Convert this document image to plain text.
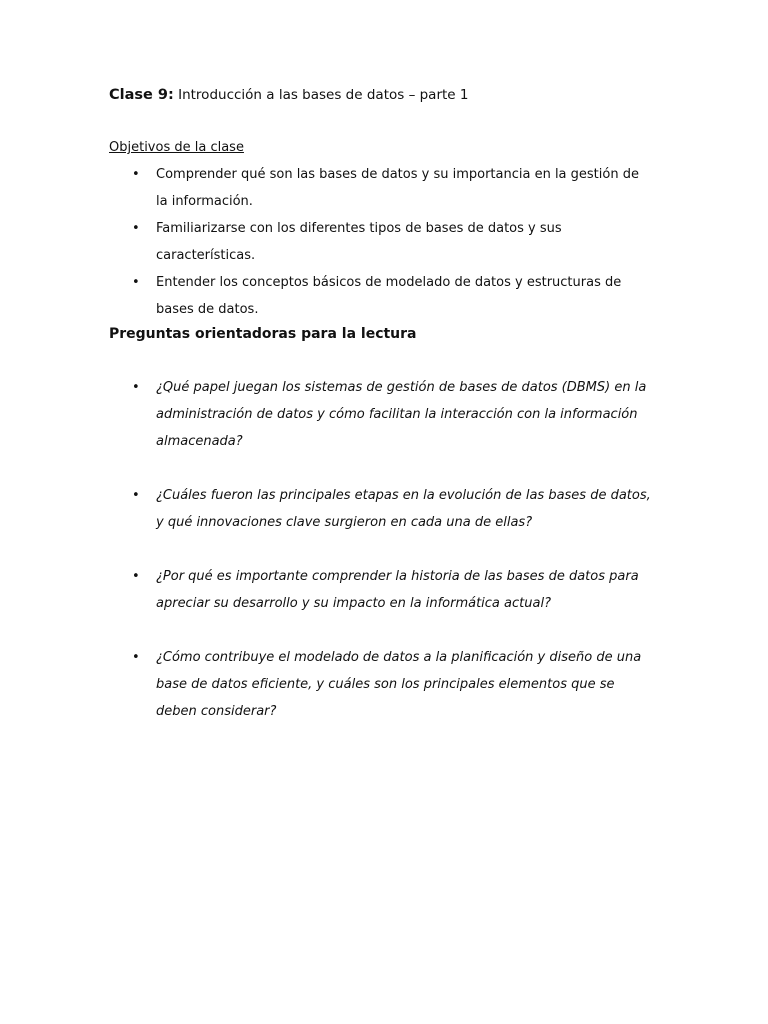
Clase 9: Introducción a las bases de datos – parte 1
Objetivos de la clase
• Comprender qué son las bases de datos y su importancia en la gestión de la información.
• Familiarizarse con los diferentes tipos de bases de datos y sus características.
• Entender los conceptos básicos de modelado de datos y estructuras de bases de datos.
Preguntas orientadoras para la lectura
• ¿Qué papel juegan los sistemas de gestión de bases de datos (DBMS) en la administración de datos y cómo facilitan la interacción con la información almacenada?
• ¿Cuáles fueron las principales etapas en la evolución de las bases de datos, y qué innovaciones clave surgieron en cada una de ellas?
• ¿Por qué es importante comprender la historia de las bases de datos para apreciar su desarrollo y su impacto en la informática actual?
• ¿Cómo contribuye el modelado de datos a la planificación y diseño de una base de datos eficiente, y cuáles son los principales elementos que se deben considerar?
